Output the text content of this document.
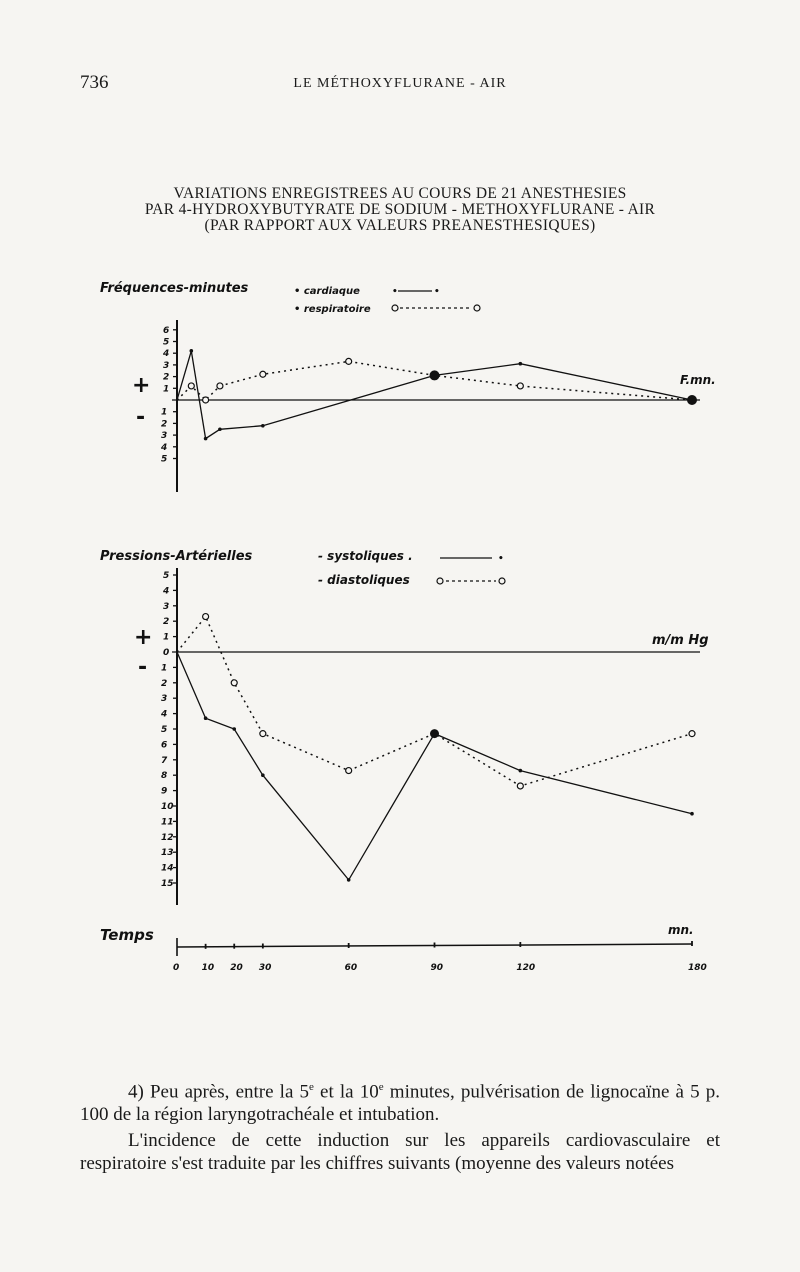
736	LE MÉTHOXYFLURANE - AIR
VARIATIONS ENREGISTREES AU COURS DE 21 ANESTHESIES
PAR 4-HYDROXYBUTYRATE DE SODIUM - METHOXYFLURANE - AIR
(PAR RAPPORT AUX VALEURS PREANESTHESIQUES)
Fréquences-minutes	• cardiaque	•	•
• respiratoire
6
5
4
3
2
1
1
2
3
4
5
+
-
F.mn.
Pressions-Artérielles	- systoliques .	•
- diastoliques
5
4
3
2
1
0
1
2
3
4
5
6
7
8
9
10
11
12
13
14
15
+
-
m/m Hg
Temps	mn.
0 10 20 30	60	90	120	180

4) Peu après, entre la 5e et la 10e minutes, pulvérisation de lignocaïne à 5 p. 100 de la région laryngotrachéale et intubation.

L'incidence de cette induction sur les appareils cardiovasculaire et respiratoire s'est traduite par les chiffres suivants (moyenne des valeurs notées
